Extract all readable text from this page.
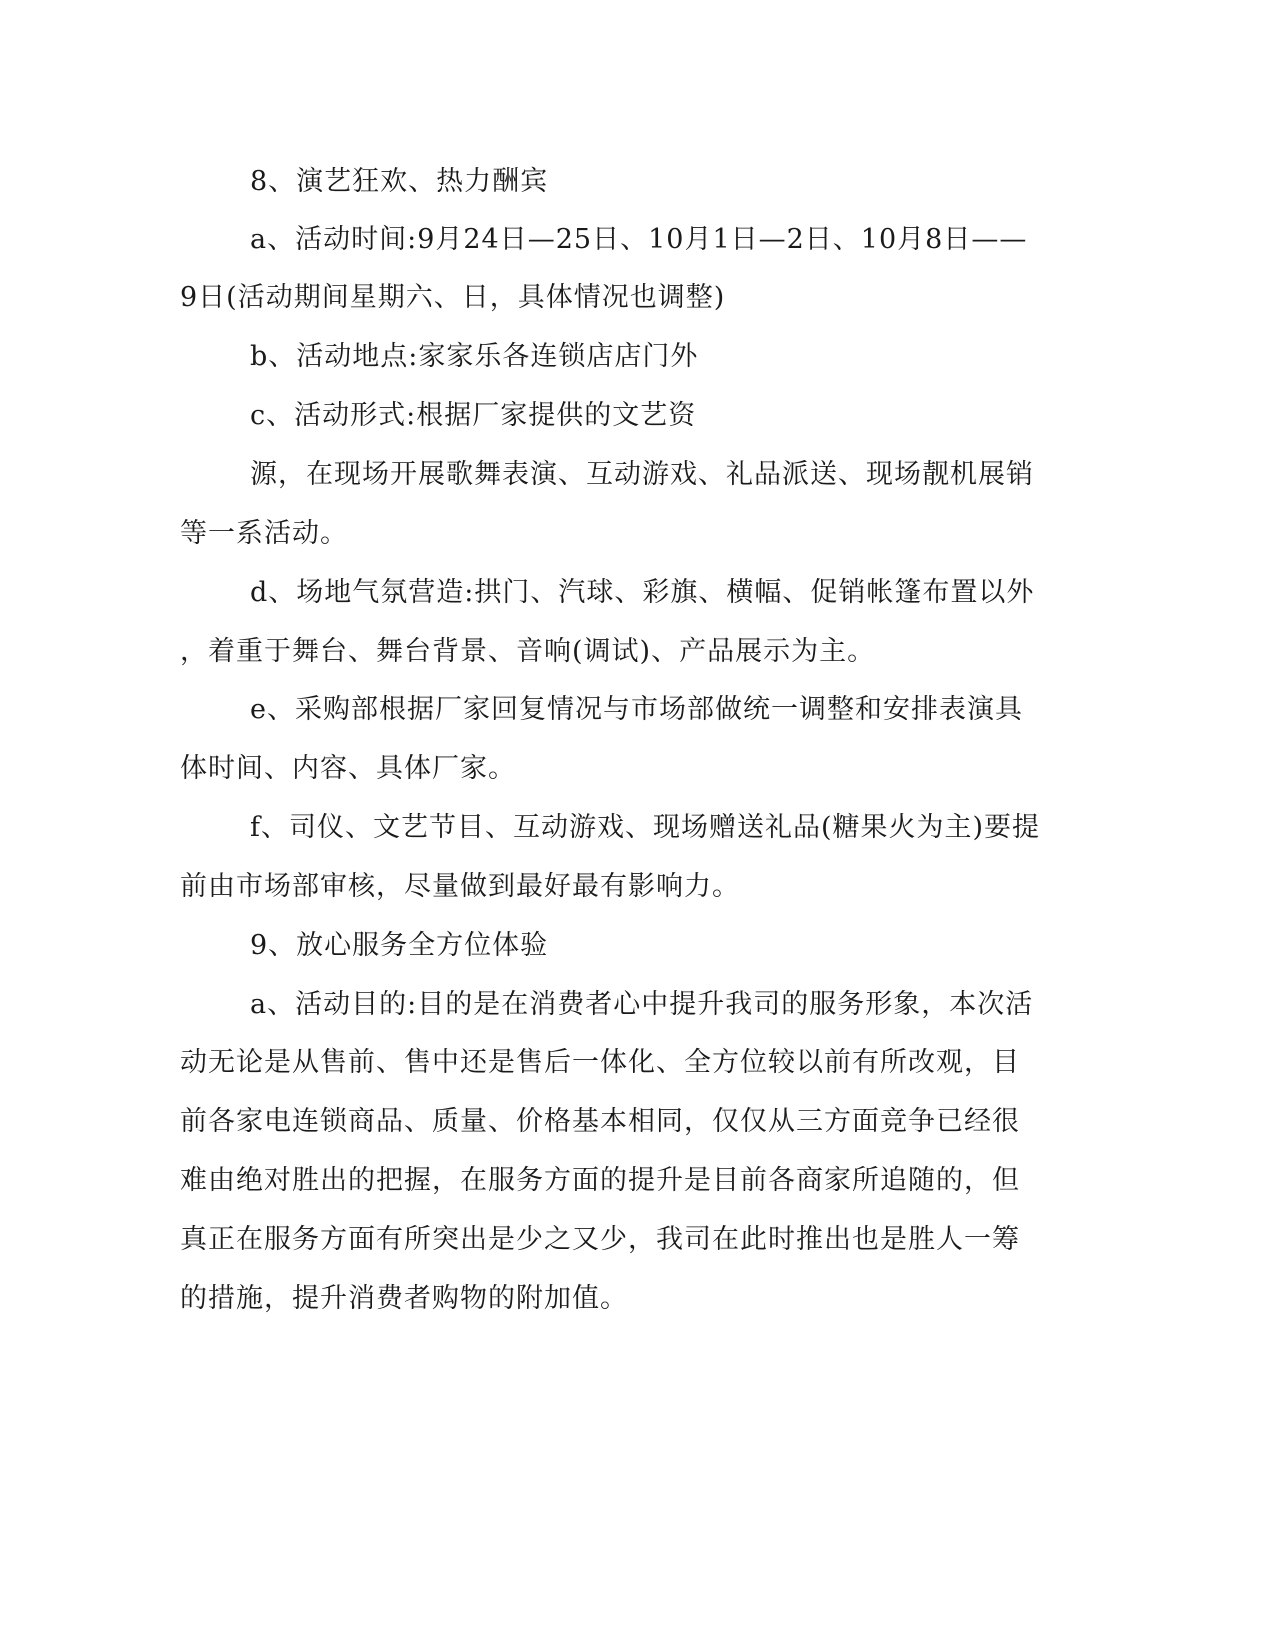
8、演艺狂欢、热力酬宾
a、活动时间:9月24日—25日、10月1日—2日、10月8日——
9日(活动期间星期六、日，具体情况也调整)
b、活动地点:家家乐各连锁店店门外
c、活动形式:根据厂家提供的文艺资
源，在现场开展歌舞表演、互动游戏、礼品派送、现场靓机展销
等一系活动。
d、场地气氛营造:拱门、汽球、彩旗、横幅、促销帐篷布置以外
，着重于舞台、舞台背景、音响(调试)、产品展示为主。
e、采购部根据厂家回复情况与市场部做统一调整和安排表演具
体时间、内容、具体厂家。
f、司仪、文艺节目、互动游戏、现场赠送礼品(糖果火为主)要提
前由市场部审核，尽量做到最好最有影响力。
9、放心服务全方位体验
a、活动目的:目的是在消费者心中提升我司的服务形象，本次活
动无论是从售前、售中还是售后一体化、全方位较以前有所改观，目
前各家电连锁商品、质量、价格基本相同，仅仅从三方面竞争已经很
难由绝对胜出的把握，在服务方面的提升是目前各商家所追随的，但
真正在服务方面有所突出是少之又少，我司在此时推出也是胜人一筹
的措施，提升消费者购物的附加值。
